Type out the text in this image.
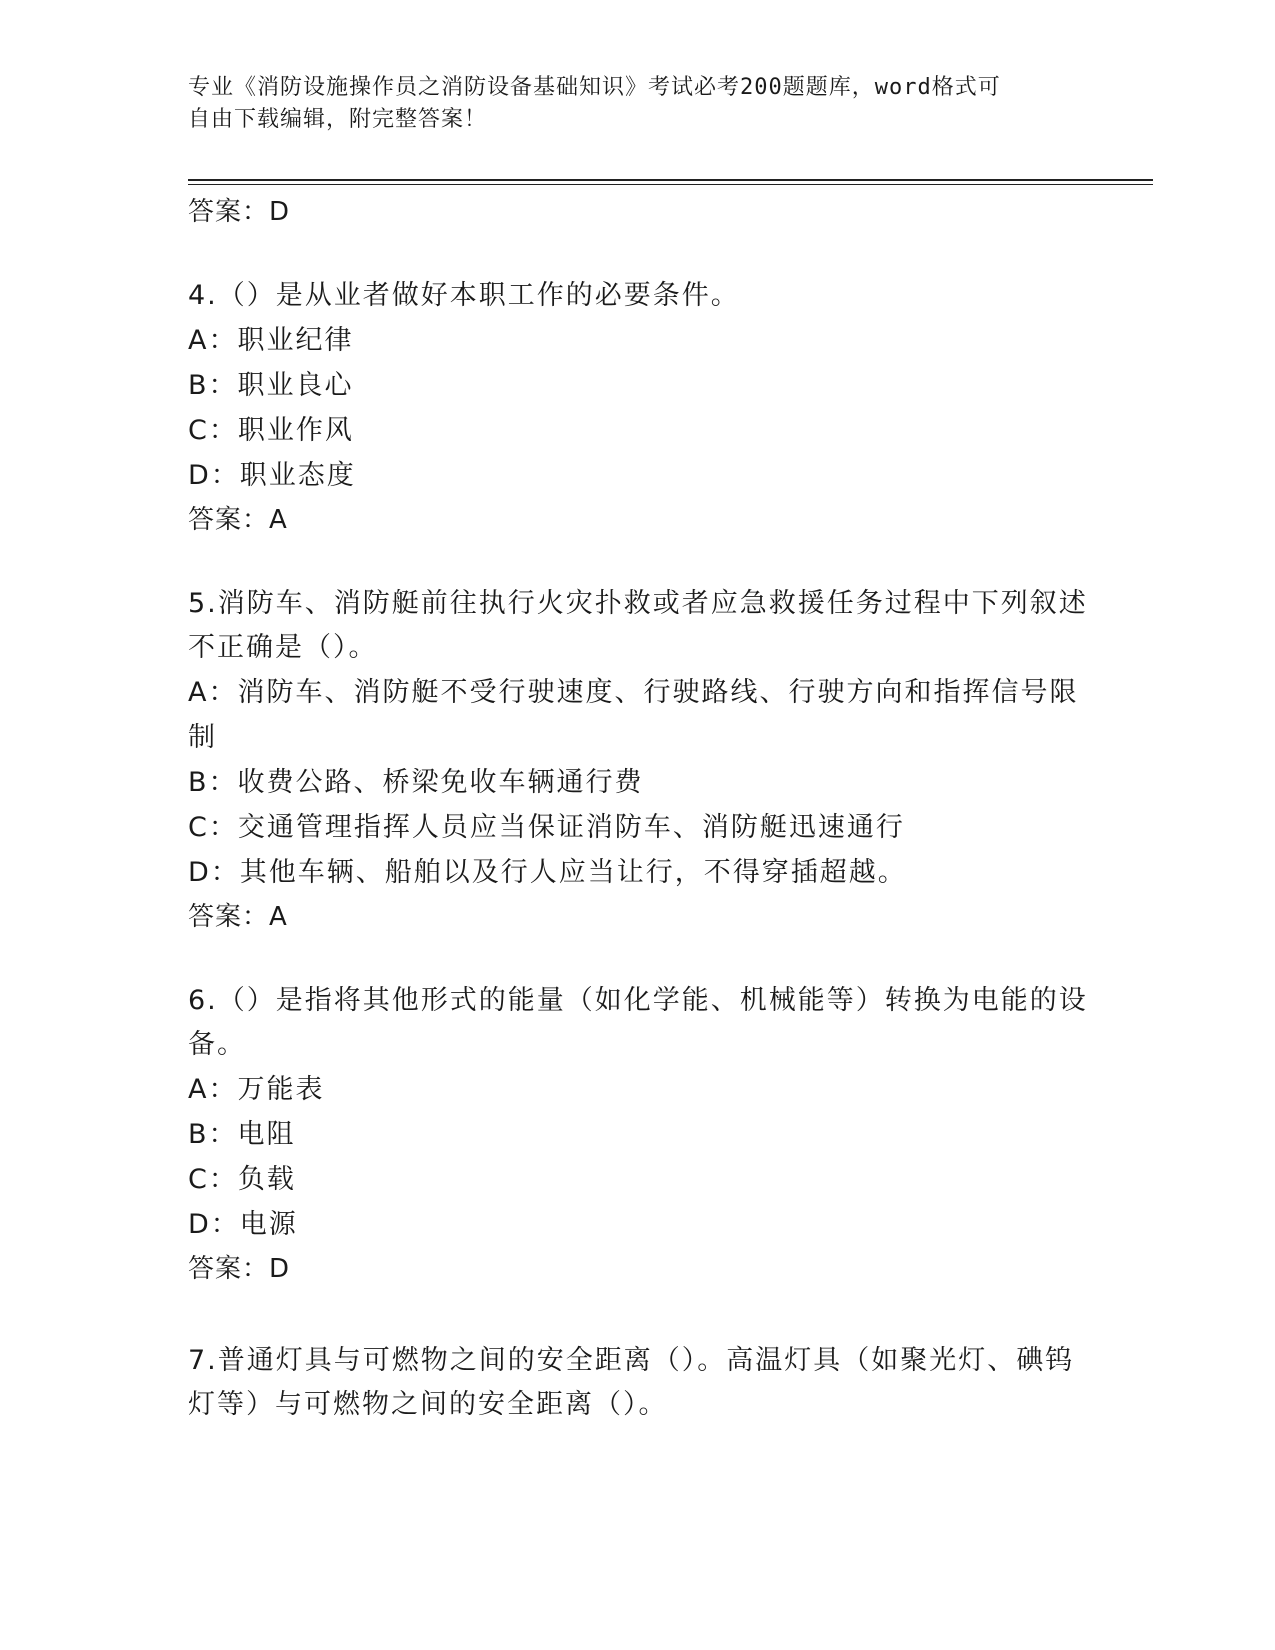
专业《消防设施操作员之消防设备基础知识》考试必考200题题库，word格式可
自由下载编辑，附完整答案！
答案：D
4.（）是从业者做好本职工作的必要条件。
A：职业纪律
B：职业良心
C：职业作风
D：职业态度
答案：A
5.消防车、消防艇前往执行火灾扑救或者应急救援任务过程中下列叙述不正确是（）。
A：消防车、消防艇不受行驶速度、行驶路线、行驶方向和指挥信号限制
B：收费公路、桥梁免收车辆通行费
C：交通管理指挥人员应当保证消防车、消防艇迅速通行
D：其他车辆、船舶以及行人应当让行，不得穿插超越。
答案：A
6.（）是指将其他形式的能量（如化学能、机械能等）转换为电能的设备。
A：万能表
B：电阻
C：负载
D：电源
答案：D
7.普通灯具与可燃物之间的安全距离（）。高温灯具（如聚光灯、碘钨灯等）与可燃物之间的安全距离（）。
